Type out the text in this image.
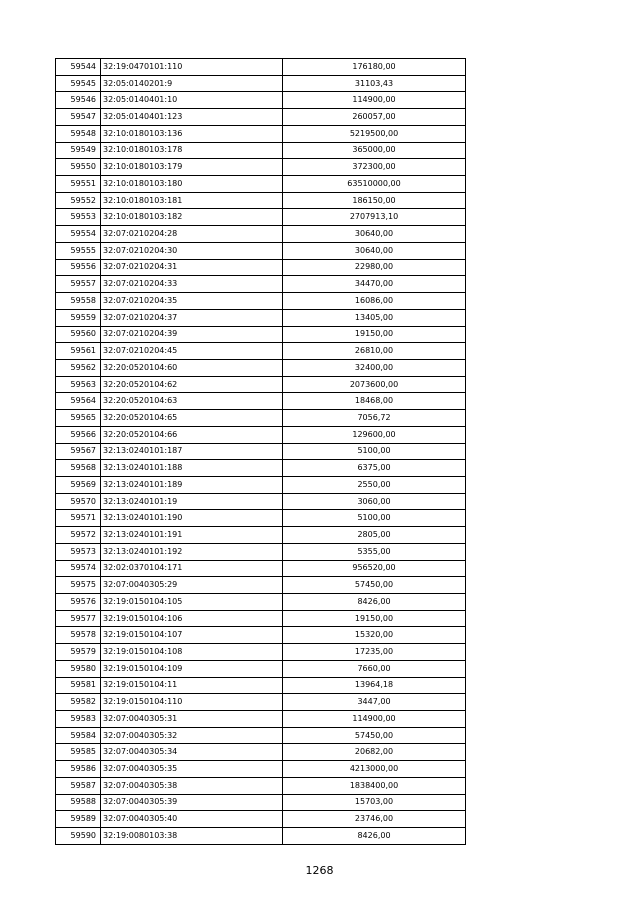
59544	32:19:0470101:110	176180,00
59545	32:05:0140201:9	31103,43
59546	32:05:0140401:10	114900,00
59547	32:05:0140401:123	260057,00
59548	32:10:0180103:136	5219500,00
59549	32:10:0180103:178	365000,00
59550	32:10:0180103:179	372300,00
59551	32:10:0180103:180	63510000,00
59552	32:10:0180103:181	186150,00
59553	32:10:0180103:182	2707913,10
59554	32:07:0210204:28	30640,00
59555	32:07:0210204:30	30640,00
59556	32:07:0210204:31	22980,00
59557	32:07:0210204:33	34470,00
59558	32:07:0210204:35	16086,00
59559	32:07:0210204:37	13405,00
59560	32:07:0210204:39	19150,00
59561	32:07:0210204:45	26810,00
59562	32:20:0520104:60	32400,00
59563	32:20:0520104:62	2073600,00
59564	32:20:0520104:63	18468,00
59565	32:20:0520104:65	7056,72
59566	32:20:0520104:66	129600,00
59567	32:13:0240101:187	5100,00
59568	32:13:0240101:188	6375,00
59569	32:13:0240101:189	2550,00
59570	32:13:0240101:19	3060,00
59571	32:13:0240101:190	5100,00
59572	32:13:0240101:191	2805,00
59573	32:13:0240101:192	5355,00
59574	32:02:0370104:171	956520,00
59575	32:07:0040305:29	57450,00
59576	32:19:0150104:105	8426,00
59577	32:19:0150104:106	19150,00
59578	32:19:0150104:107	15320,00
59579	32:19:0150104:108	17235,00
59580	32:19:0150104:109	7660,00
59581	32:19:0150104:11	13964,18
59582	32:19:0150104:110	3447,00
59583	32:07:0040305:31	114900,00
59584	32:07:0040305:32	57450,00
59585	32:07:0040305:34	20682,00
59586	32:07:0040305:35	4213000,00
59587	32:07:0040305:38	1838400,00
59588	32:07:0040305:39	15703,00
59589	32:07:0040305:40	23746,00
59590	32:19:0080103:38	8426,00
1268
